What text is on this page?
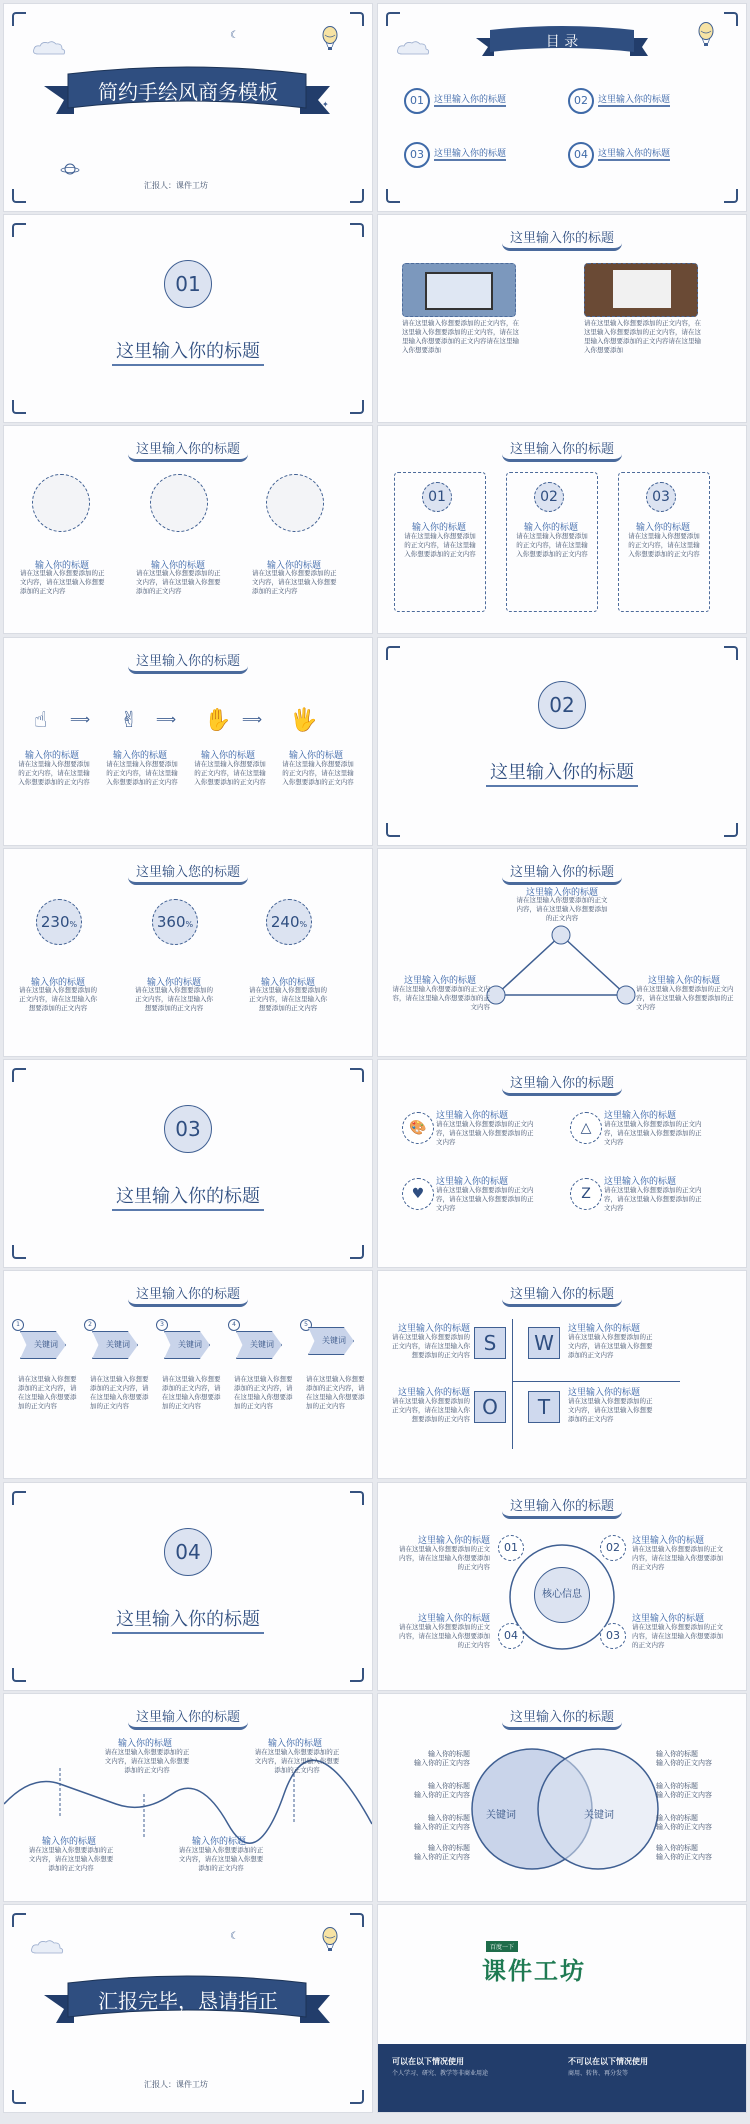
☾
✦
简约手绘风商务模板
汇报人：课件工坊
目 录
01	这里输入你的标题	02	这里输入你的标题
03	这里输入你的标题	04	这里输入你的标题
01
这里输入你的标题
这里输入你的标题
请在这里输入你想要添加的正文内容，在这里输入你想要添加的正文内容，请在这里输入你想要添加的正文内容请在这里输入你想要添加
请在这里输入你想要添加的正文内容，在这里输入你想要添加的正文内容，请在这里输入你想要添加的正文内容请在这里输入你想要添加
这里输入你的标题
输入你的标题	输入你的标题	输入你的标题
请在这里输入你想要添加的正文内容，请在这里输入你想要添加的正文内容
请在这里输入你想要添加的正文内容，请在这里输入你想要添加的正文内容
请在这里输入你想要添加的正文内容，请在这里输入你想要添加的正文内容
这里输入你的标题
01	02	03
输入你的标题	输入你的标题	输入你的标题
请在这里输入你想要添加的正文内容，请在这里输入你想要添加的正文内容
请在这里输入你想要添加的正文内容，请在这里输入你想要添加的正文内容
请在这里输入你想要添加的正文内容，请在这里输入你想要添加的正文内容
这里输入你的标题
☝ ⟹ ✌ ⟹ ✋ ⟹ 🖐
输入你的标题	输入你的标题	输入你的标题	输入你的标题
请在这里输入你想要添加的正文内容，请在这里输入你想要添加的正文内容
请在这里输入你想要添加的正文内容，请在这里输入你想要添加的正文内容
请在这里输入你想要添加的正文内容，请在这里输入你想要添加的正文内容
请在这里输入你想要添加的正文内容，请在这里输入你想要添加的正文内容
02
这里输入你的标题
这里输入您的标题
230%	360%	240%
输入你的标题	输入你的标题	输入你的标题
请在这里输入你想要添加的正文内容，请在这里输入你想要添加的正文内容
请在这里输入你想要添加的正文内容，请在这里输入你想要添加的正文内容
请在这里输入你想要添加的正文内容，请在这里输入你想要添加的正文内容
这里输入你的标题
这里输入你的标题
请在这里输入你想要添加的正文内容，请在这里输入你想要添加的正文内容
这里输入你的标题
请在这里输入你想要添加的正文内容，请在这里输入你想要添加的正文内容
这里输入你的标题
请在这里输入你想要添加的正文内容，请在这里输入你想要添加的正文内容
03
这里输入你的标题
这里输入你的标题
🎨	△
♥	Z
这里输入你的标题	这里输入你的标题
这里输入你的标题	这里输入你的标题
请在这里输入你想要添加的正文内容，请在这里输入你想要添加的正文内容
请在这里输入你想要添加的正文内容，请在这里输入你想要添加的正文内容
请在这里输入你想要添加的正文内容，请在这里输入你想要添加的正文内容
请在这里输入你想要添加的正文内容，请在这里输入你想要添加的正文内容
这里输入你的标题
1	2	3	4	5
关键词	关键词	关键词	关键词	关键词
请在这里输入你想要添加的正文内容，请在这里输入你想要添加的正文内容
请在这里输入你想要添加的正文内容，请在这里输入你想要添加的正文内容
请在这里输入你想要添加的正文内容，请在这里输入你想要添加的正文内容
请在这里输入你想要添加的正文内容，请在这里输入你想要添加的正文内容
请在这里输入你想要添加的正文内容，请在这里输入你想要添加的正文内容
这里输入你的标题
S	W
O	T
这里输入你的标题
请在这里输入你想要添加的正文内容，请在这里输入你想要添加的正文内容
这里输入你的标题
请在这里输入你想要添加的正文内容，请在这里输入你想要添加的正文内容
这里输入你的标题
请在这里输入你想要添加的正文内容，请在这里输入你想要添加的正文内容
这里输入你的标题
请在这里输入你想要添加的正文内容，请在这里输入你想要添加的正文内容
04
这里输入你的标题
这里输入你的标题
核心信息
01	02
04	03
这里输入你的标题
请在这里输入你想要添加的正文内容，请在这里输入你想要添加的正文内容
这里输入你的标题
请在这里输入你想要添加的正文内容，请在这里输入你想要添加的正文内容
这里输入你的标题
请在这里输入你想要添加的正文内容，请在这里输入你想要添加的正文内容
这里输入你的标题
请在这里输入你想要添加的正文内容，请在这里输入你想要添加的正文内容
这里输入你的标题
输入你的标题
请在这里输入你想要添加的正文内容，请在这里输入你想要添加的正文内容
输入你的标题
请在这里输入你想要添加的正文内容，请在这里输入你想要添加的正文内容
输入你的标题
请在这里输入你想要添加的正文内容，请在这里输入你想要添加的正文内容
输入你的标题
请在这里输入你想要添加的正文内容，请在这里输入你想要添加的正文内容
这里输入你的标题
关键词	关键词
输入你的标题
输入你的正文内容
输入你的标题
输入你的正文内容
输入你的标题
输入你的正文内容
输入你的标题
输入你的正文内容
输入你的标题
输入你的正文内容
输入你的标题
输入你的正文内容
输入你的标题
输入你的正文内容
输入你的标题
输入你的正文内容
☾
汇报完毕，恳请指正
汇报人：课件工坊
百度一下
课件工坊
可以在以下情况使用
个人学习、研究、教学等非商业用途
不可以在以下情况使用
商用、转售、再分发等
